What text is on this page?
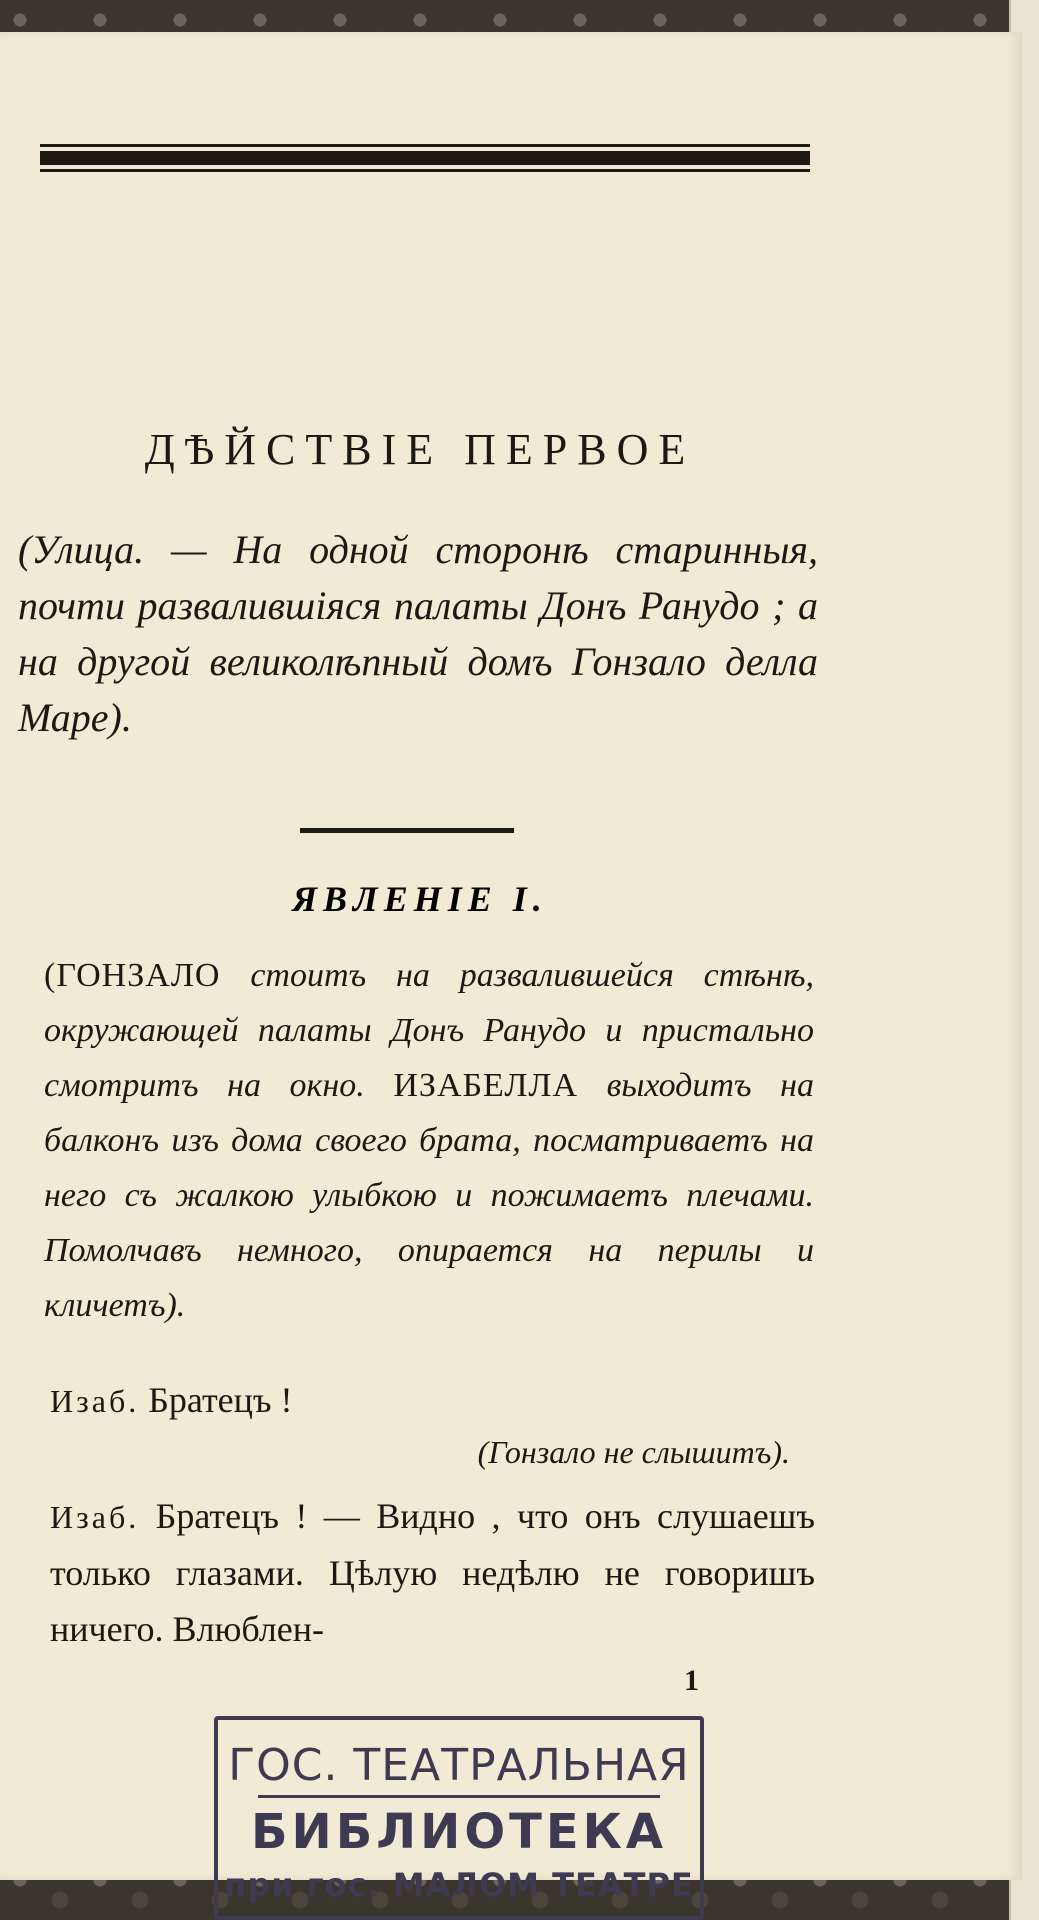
ДѢЙСТВІЕ ПЕРВОЕ
(Улица. — На одной сторонѣ старинныя, почти развалившіяся палаты Донъ Ранудо ; а на другой великолѣпный домъ Гонзало делла Маре).
ЯВЛЕНІЕ I.
(ГОНЗАЛО стоитъ на развалившейся стѣнѣ, окружающей палаты Донъ Ранудо и пристально смотритъ на окно. ИЗАБЕЛЛА выходитъ на балконъ изъ дома своего брата, посматриваетъ на него съ жалкою улыбкою и пожимаетъ плечами. Помолчавъ немного, опирается на перилы и кличетъ).
Изаб. Братецъ !
(Гонзало не слышитъ).
Изаб. Братецъ ! — Видно , что онъ слушаешъ только глазами. Цѣлую недѣлю не говоришъ ничего. Влюблен-
1
ГОС. ТЕАТРАЛЬНАЯ
БИБЛИОТЕКА
при гос. МАЛОМ ТЕАТРЕ
